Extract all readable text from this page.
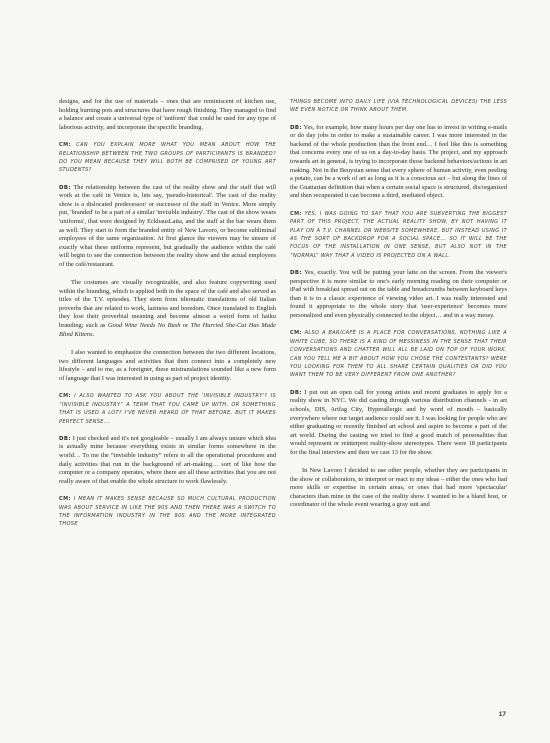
designs, and for the use of materials – ones that are reminiscent of kitchen use, holding burning pots and structures that have rough finishing. They managed to find a balance and create a universal type of 'uniform' that could be used for any type of laborious activity, and incorporate the specific branding.

CM: CAN YOU EXPLAIN MORE WHAT YOU MEAN ABOUT HOW THE RELATIONSHIP BETWEEN THE TWO GROUPS OF PARTICIPANTS IS BRANDED? DO YOU MEAN BECAUSE THEY WILL BOTH BE COMPRISED OF YOUNG ART STUDENTS?

DB: The relationship between the cast of the reality show and the staff that will work at the café in Venice is, lets say, 'pseudo-historical'. The cast of the reality show is a dislocated predecessor/ or successor of the staff in Venice. More simply put, 'branded' to be a part of a similar 'invisible industry'. The cast of the show wears 'uniforms', that were designed by EckhausLatta, and the staff at the bar wears them as well. They start to form the branded entity of New Lavoro, or become subliminal employees of the same organization. At first glance the viewers may be unsure of exactly what these uniforms represent, but gradually the audience within the café will begin to see the connection between the reality show and the actual employees of the café/restaurant.

The costumes are visually recognizable, and also feature copywriting used within the branding, which is applied both in the space of the café and also served as titles of the T.V. episodes. They stem from idiomatic translations of old Italian proverbs that are related to work, laziness and boredom. Once translated to English they lose their proverbial meaning and become almost a weird form of haiku branding; such as Good Wine Needs No Bush or The Hurried She-Cat Has Made Blind Kittens.

I also wanted to emphasize the connection between the two different locations, two different languages and activities that then connect into a completely new lifestyle – and to me, as a foreigner, these mistranslations sounded like a new form of language that I was interested in using as part of project identity.

CM: I ALSO WANTED TO ASK YOU ABOUT THE 'INVISIBLE INDUSTRY'? IS “INVISIBLE INDUSTRY” A TERM THAT YOU CAME UP WITH, OR SOMETHING THAT IS USED A LOT? I'VE NEVER HEARD OF THAT BEFORE, BUT IT MAKES PERFECT SENSE...

DB: I just checked and it's not googleable – usually I am always unsure which idea is actually mine because everything exists in similar forms somewhere in the world… To me the “invisible industry” refers to all the operational procedures and daily activities that run in the background of art-making… sort of like how the computer or a company operates, where there are all these activities that you are not really aware of that enable the whole structure to work flawlessly.

CM: I MEAN IT MAKES SENSE BECAUSE SO MUCH CULTURAL PRODUCTION WAS ABOUT SERVICE IN LIKE THE 90S AND THEN THERE WAS A SWITCH TO THE INFORMATION INDUSTRY IN THE 90S AND THE MORE INTEGRATED THOSE

THINGS BECOME INTO DAILY LIFE (VIA TECHNOLOGICAL DEVICES) THE LESS WE EVEN NOTICE OR THINK ABOUT THEM.

DB: Yes, for example, how many hours per day one has to invest in writing e-mails or do day jobs in order to make a sustainable career. I was more interested in the backend of the whole production than the front end… I feel like this is something that concerns every one of us on a day-to-day basis. The project, and my approach towards art in general, is trying to incorporate those backend behaviors/actions in art making. Not in the Beuysian sense that every sphere of human activity, even peeling a potato, can be a work of art as long as it is a conscious act – but along the lines of the Guattarian definition that when a certain social space is structured, dis/organized and then recuperated it can become a third, mediated object.

CM: YES, I WAS GOING TO SAY THAT YOU ARE SUBVERTING THE BIGGEST PART OF THIS PROJECT, THE ACTUAL REALITY SHOW, BY NOT HAVING IT PLAY ON A T.V. CHANNEL OR WEBSITE SOMEWHERE, BUT INSTEAD USING IT AS THE SORT OF BACKDROP FOR A SOCIAL SPACE... SO IT WILL BE THE FOCUS OF THE INSTALLATION IN ONE SENSE, BUT ALSO NOT IN THE “NORMAL” WAY THAT A VIDEO IS PROJECTED ON A WALL.

DB: Yes, exactly. You will be putting your latte on the screen. From the viewer's perspective it is more similar to one's early morning reading on their computer or iPad with breakfast spread out on the table and breadcrumbs between keyboard keys than it is to a classic experience of viewing video art. I was really interested and found it appropriate to the whole story that 'user-experience' becomes more personalized and even physically connected to the object… and in a way messy.

CM: ALSO A BAR/CAFÉ IS A PLACE FOR CONVERSATIONS, NOTHING LIKE A WHITE CUBE, SO THERE IS A KIND OF MESSINESS IN THE SENSE THAT THEIR CONVERSATIONS AND CHATTER WILL ALL BE LAID ON TOP OF YOUR WORK. CAN YOU TELL ME A BIT ABOUT HOW YOU CHOSE THE CONTESTANTS? WERE YOU LOOKING FOR THEM TO ALL SHARE CERTAIN QUALITIES OR DID YOU WANT THEM TO BE VERY DIFFERENT FROM ONE ANOTHER?

DB: I put out an open call for young artists and recent graduates to apply for a reality show in NYC. We did casting through various distribution channels - in art schools, DIS, Artfag City, Hyperallergic and by word of mouth – basically everywhere where our target audience could see it. I was looking for people who are either graduating or recently finished art school and aspire to become a part of the art world. During the casting we tried to find a good match of personalities that would represent or reinterpret reality-show stereotypes. There were 18 participants for the final interview and then we cast 13 for the show.

In New Lavoro I decided to use other people, whether they are participants in the show or collaborators, to interpret or react to my ideas – either the ones who had more skills or expertise in certain areas, or ones that had more 'spectacular' characters than mine in the case of the reality show. I wanted to be a bland host, or coordinator of the whole event wearing a gray suit and

17
